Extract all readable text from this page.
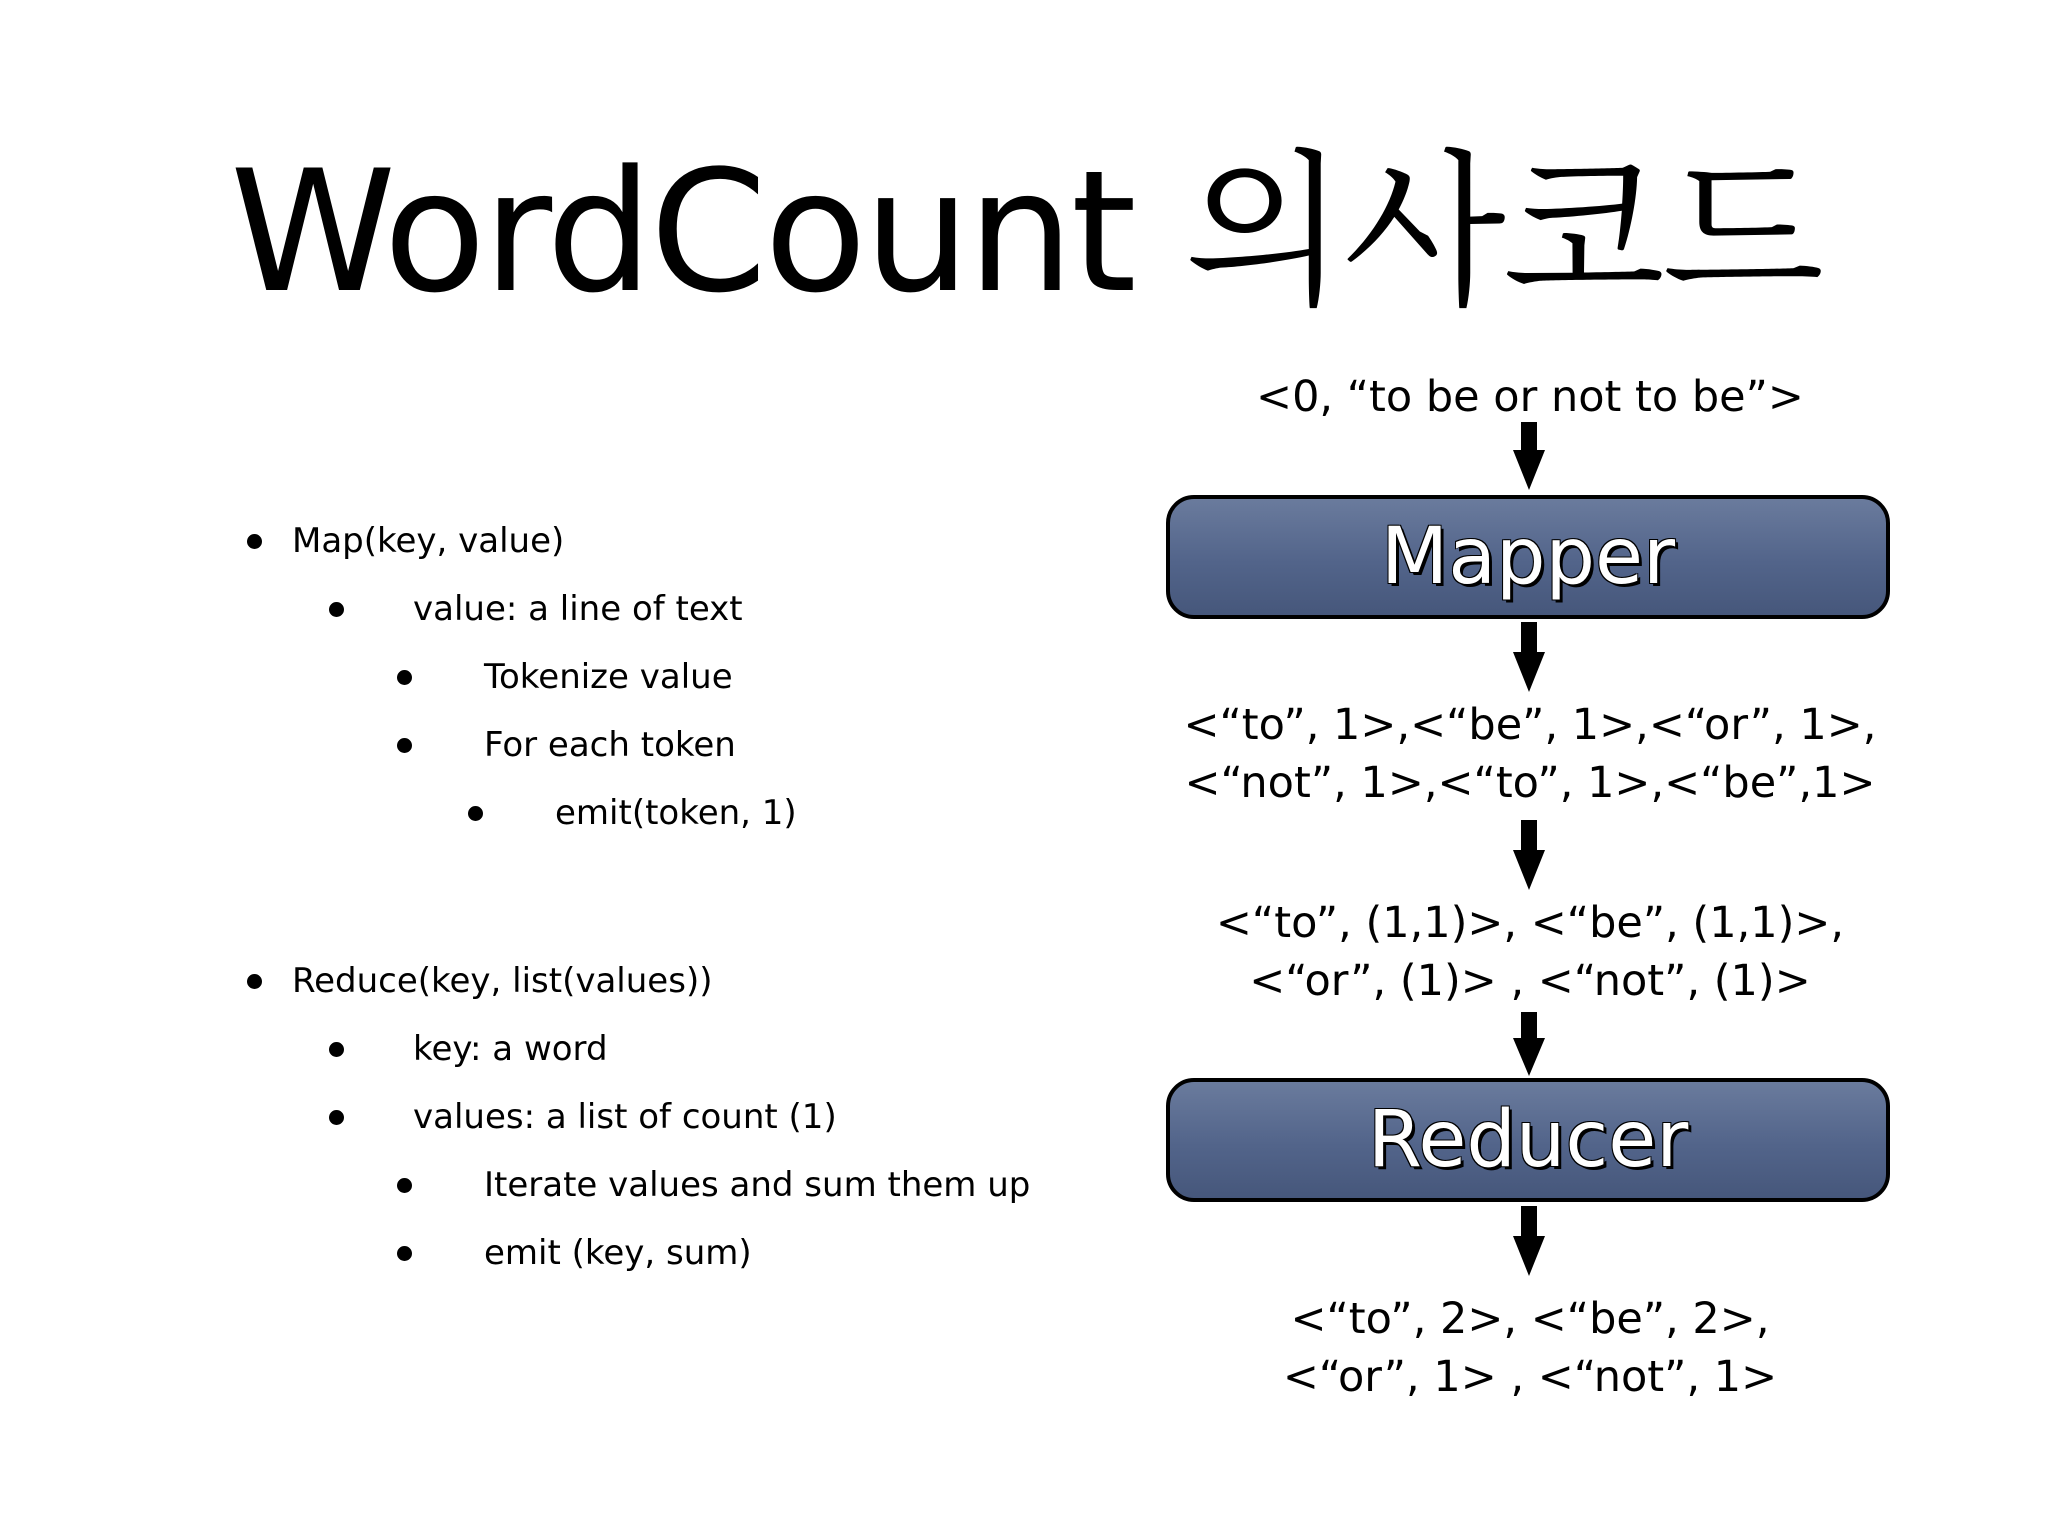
WordCount 의사코드
Map(key, value)
value: a line of text
Tokenize value
For each token
emit(token, 1)
Reduce(key, list(values))
key: a word
values: a list of count (1)
Iterate values and sum them up
emit (key, sum)
<0, “to be or not to be”>
Mapper
<“to”, 1>,<“be”, 1>,<“or”, 1>,
<“not”, 1>,<“to”, 1>,<“be”,1>
<“to”, (1,1)>, <“be”, (1,1)>,
<“or”, (1)> , <“not”, (1)>
Reducer
<“to”, 2>, <“be”, 2>,
<“or”, 1> , <“not”, 1>
